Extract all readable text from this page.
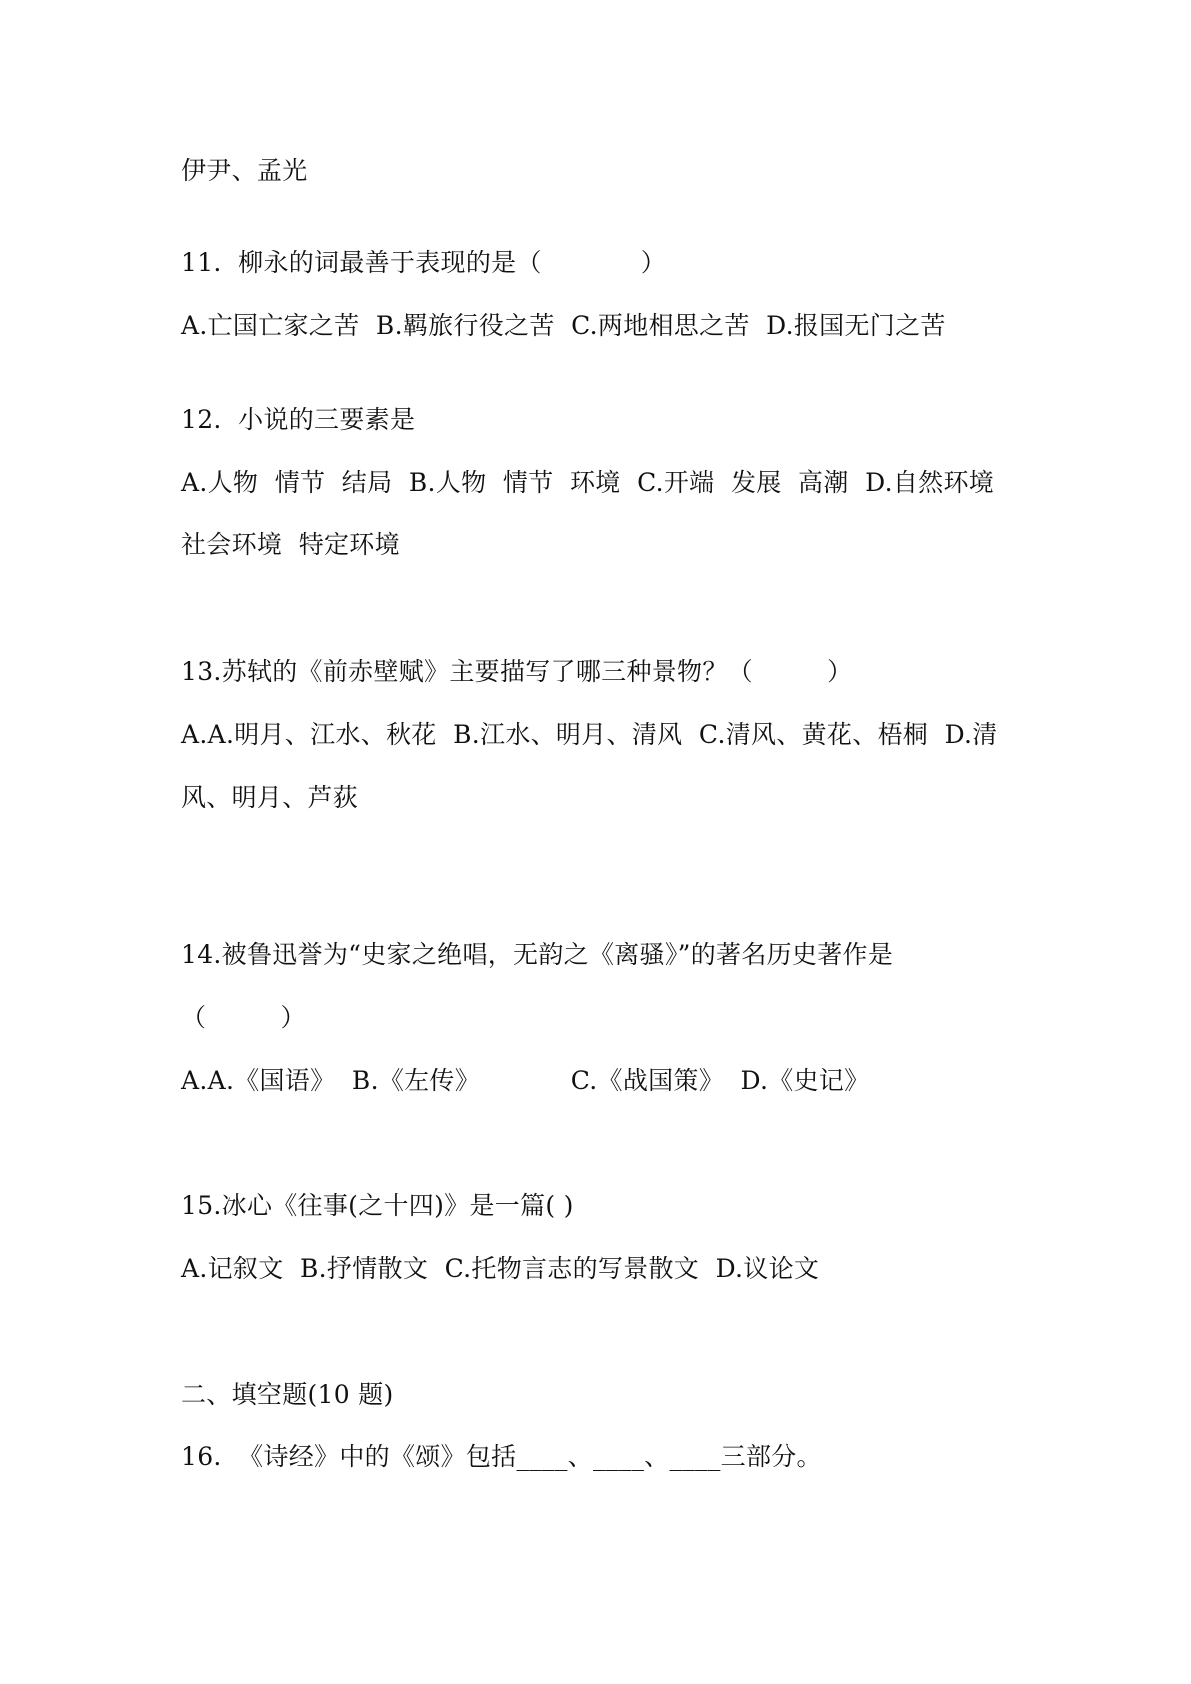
伊尹、孟光
11.  柳永的词最善于表现的是（            ）
A.亡国亡家之苦  B.羁旅行役之苦  C.两地相思之苦  D.报国无门之苦
12.  小说的三要素是
A.人物  情节  结局  B.人物  情节  环境  C.开端  发展  高潮  D.自然环境
社会环境  特定环境
13.苏轼的《前赤壁赋》主要描写了哪三种景物？（         ）
A.A.明月、江水、秋花  B.江水、明月、清风  C.清风、黄花、梧桐  D.清
风、明月、芦荻
14.被鲁迅誉为“史家之绝唱，无韵之《离骚》”的著名历史著作是
（         ）
A.A.《国语》  B.《左传》           C.《战国策》  D.《史记》
15.冰心《往事(之十四)》是一篇( )
A.记叙文  B.抒情散文  C.托物言志的写景散文  D.议论文
二、填空题(10 题)
16.  《诗经》中的《颂》包括____、____、____三部分。
